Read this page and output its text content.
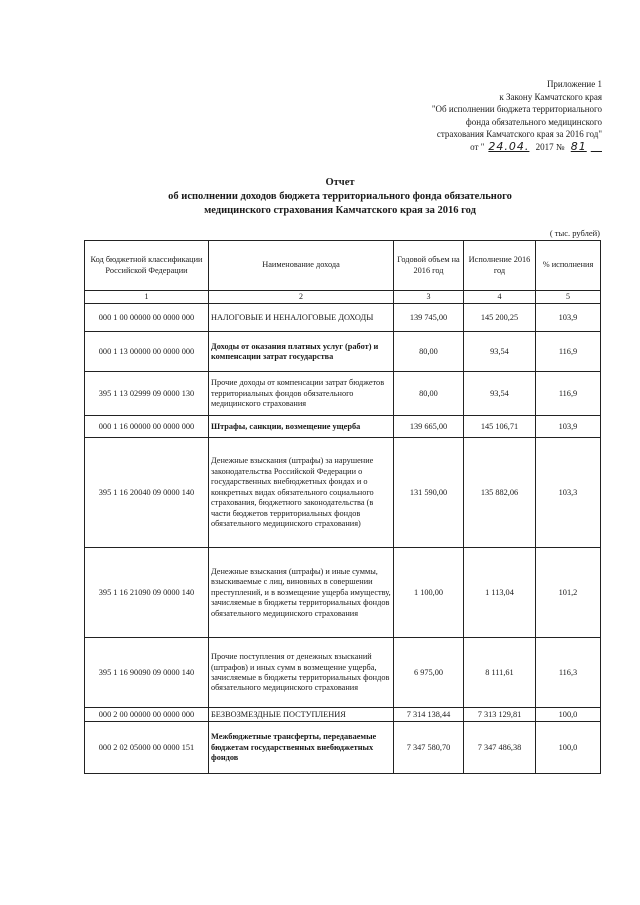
Приложение 1
к Закону Камчатского края
"Об исполнении бюджета территориального
фонда обязательного медицинского
страхования Камчатского края за 2016 год"
от " 24.04. 2017 № 81
Отчет
об исполнении доходов бюджета территориального фонда обязательного
медицинского страхования Камчатского края за 2016 год
( тыс. рублей)
Код бюджетной классификации Российской Федерации	Наименование дохода	Годовой объем на 2016 год	Исполнение 2016 год	% исполнения
1	2	3	4	5
000 1 00 00000 00 0000 000	НАЛОГОВЫЕ И НЕНАЛОГОВЫЕ ДОХОДЫ	139 745,00	145 200,25	103,9
000 1 13 00000 00 0000 000	Доходы от оказания платных услуг (работ) и компенсации затрат государства	80,00	93,54	116,9
395 1 13 02999 09 0000 130	Прочие доходы от компенсации затрат бюджетов территориальных фондов обязательного медицинского страхования	80,00	93,54	116,9
000 1 16 00000 00 0000 000	Штрафы, санкции, возмещение ущерба	139 665,00	145 106,71	103,9
395 1 16 20040 09 0000 140	Денежные взыскания (штрафы) за нарушение законодательства Российской Федерации о государственных внебюджетных фондах и о конкретных видах обязательного социального страхования, бюджетного законодательства (в части бюджетов территориальных фондов обязательного медицинского страхования)	131 590,00	135 882,06	103,3
395 1 16 21090 09 0000 140	Денежные взыскания (штрафы) и иные суммы, взыскиваемые с лиц, виновных в совершении преступлений, и в возмещение ущерба имуществу, зачисляемые в бюджеты территориальных фондов обязательного медицинского страхования	1 100,00	1 113,04	101,2
395 1 16 90090 09 0000 140	Прочие поступления от денежных взысканий (штрафов) и иных сумм в возмещение ущерба, зачисляемые в бюджеты территориальных фондов обязательного медицинского страхования	6 975,00	8 111,61	116,3
000 2 00 00000 00 0000 000	БЕЗВОЗМЕЗДНЫЕ ПОСТУПЛЕНИЯ	7 314 138,44	7 313 129,81	100,0
000 2 02 05000 00 0000 151	Межбюджетные трансферты, передаваемые бюджетам государственных внебюджетных фондов	7 347 580,70	7 347 486,38	100,0
